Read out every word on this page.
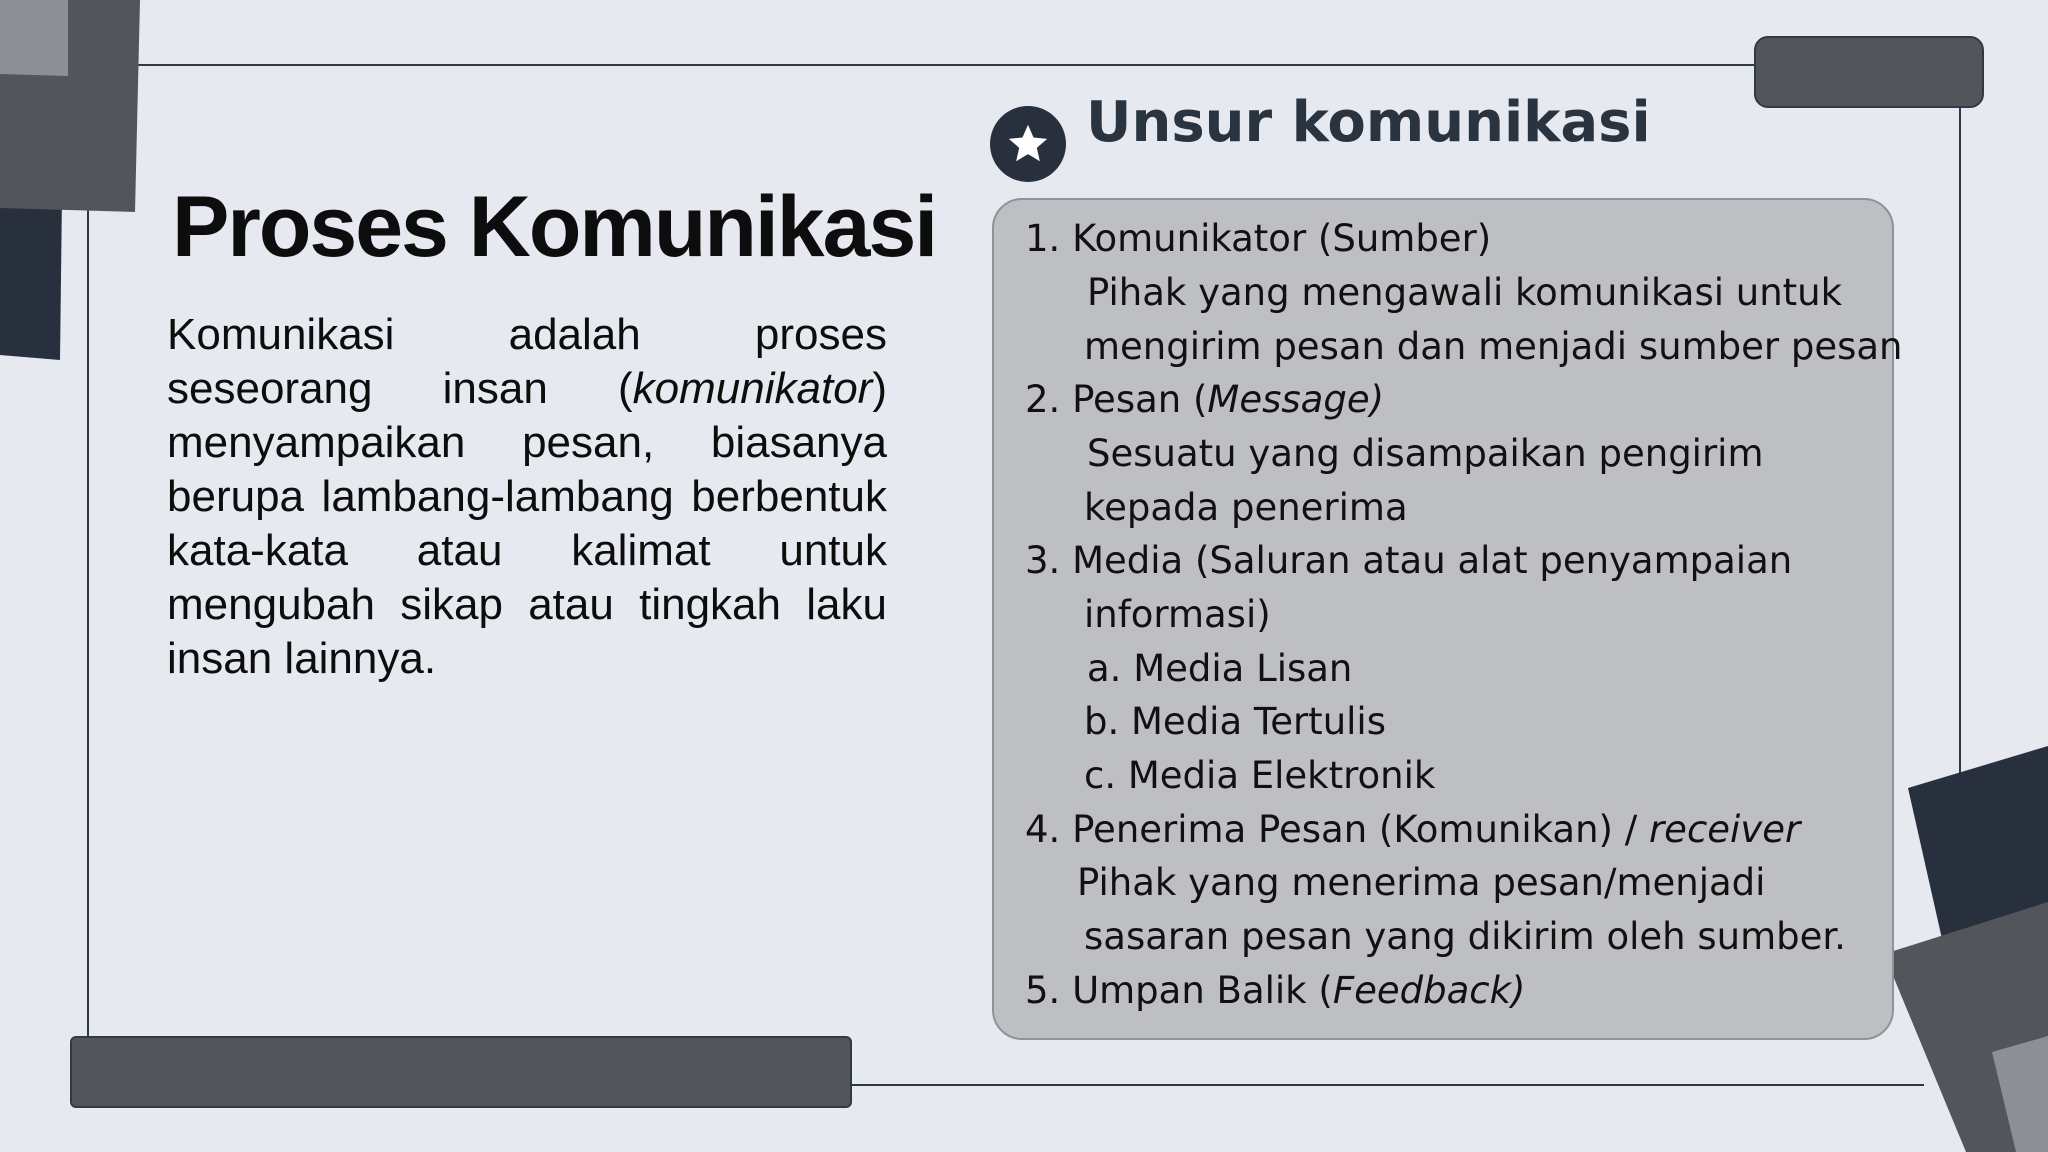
Proses Komunikasi
Komunikasi adalah proses seseorang insan (komunikator) menyampaikan pesan, biasanya berupa lambang-lambang berbentuk kata-kata atau kalimat untuk mengubah sikap atau tingkah laku insan lainnya.
Unsur komunikasi
1. Komunikator (Sumber)
Pihak yang mengawali komunikasi untuk
mengirim pesan dan menjadi sumber pesan
2. Pesan (Message)
Sesuatu yang disampaikan pengirim
kepada penerima
3. Media (Saluran atau alat penyampaian
informasi)
a. Media Lisan
b. Media Tertulis
c. Media Elektronik
4. Penerima Pesan (Komunikan) / receiver
Pihak yang menerima pesan/menjadi
sasaran pesan yang dikirim oleh sumber.
5. Umpan Balik (Feedback)
